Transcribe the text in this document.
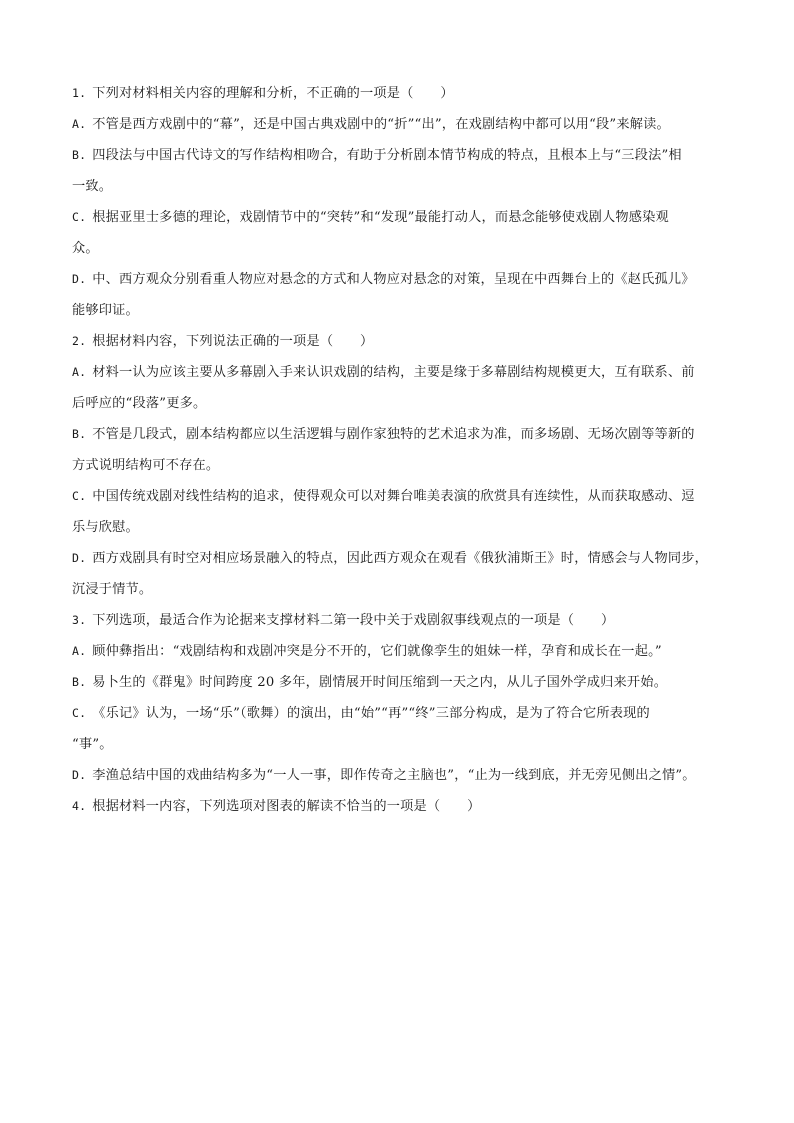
1. 下列对材料相关内容的理解和分析，不正确的一项是（　　）
A. 不管是西方戏剧中的“幕”，还是中国古典戏剧中的“折”“出”，在戏剧结构中都可以用“段”来解读。
B. 四段法与中国古代诗文的写作结构相吻合，有助于分析剧本情节构成的特点，且根本上与“三段法”相
一致。
C. 根据亚里士多德的理论，戏剧情节中的“突转”和“发现”最能打动人，而悬念能够使戏剧人物感染观
众。
D. 中、西方观众分别看重人物应对悬念的方式和人物应对悬念的对策，呈现在中西舞台上的《赵氏孤儿》
能够印证。
2. 根据材料内容，下列说法正确的一项是（　　）
A. 材料一认为应该主要从多幕剧入手来认识戏剧的结构，主要是缘于多幕剧结构规模更大，互有联系、前
后呼应的“段落”更多。
B. 不管是几段式，剧本结构都应以生活逻辑与剧作家独特的艺术追求为准，而多场剧、无场次剧等等新的
方式说明结构可不存在。
C. 中国传统戏剧对线性结构的追求，使得观众可以对舞台唯美表演的欣赏具有连续性，从而获取感动、逗
乐与欣慰。
D. 西方戏剧具有时空对相应场景融入的特点，因此西方观众在观看《俄狄浦斯王》时，情感会与人物同步，
沉浸于情节。
3. 下列选项，最适合作为论据来支撑材料二第一段中关于戏剧叙事线观点的一项是（　　）
A. 顾仲彝指出：“戏剧结构和戏剧冲突是分不开的，它们就像孪生的姐妹一样，孕育和成长在一起。”
B. 易卜生的《群鬼》时间跨度 20 多年，剧情展开时间压缩到一天之内，从儿子国外学成归来开始。
C. 《乐记》认为，一场“乐”（歌舞）的演出，由“始”“再”“终”三部分构成，是为了符合它所表现的
“事”。
D. 李渔总结中国的戏曲结构多为“一人一事，即作传奇之主脑也”，“止为一线到底，并无旁见侧出之情”。
4. 根据材料一内容，下列选项对图表的解读不恰当的一项是（　　）
